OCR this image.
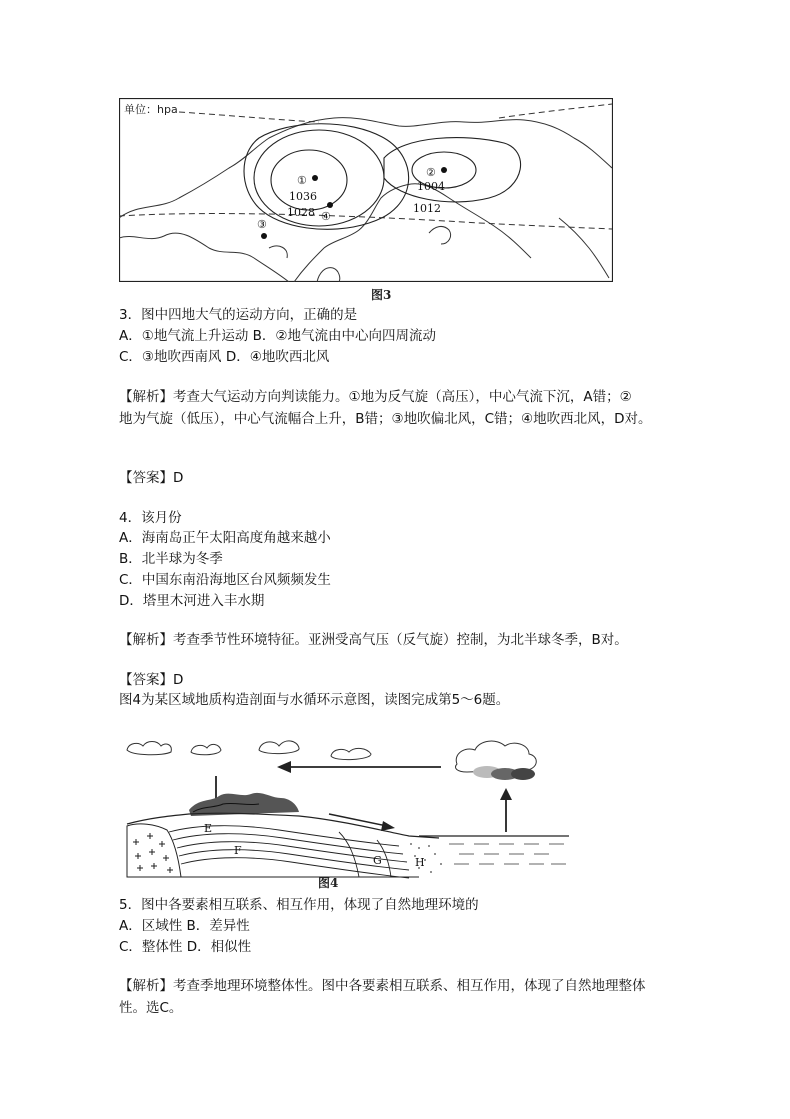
①
②
③
④
1036
1028
1004
1012
单位：hpa
图3
3．图中四地大气的运动方向，正确的是
A．①地气流上升运动 B．②地气流由中心向四周流动
C．③地吹西南风 D．④地吹西北风
【解析】考查大气运动方向判读能力。①地为反气旋（高压），中心气流下沉，A错；②
地为气旋（低压），中心气流幅合上升，B错；③地吹偏北风，C错；④地吹西北风，D对。
【答案】D
4．该月份
A．海南岛正午太阳高度角越来越小
B．北半球为冬季
C．中国东南沿海地区台风频频发生
D．塔里木河进入丰水期
【解析】考查季节性环境特征。亚洲受高气压（反气旋）控制，为北半球冬季，B对。
【答案】D
图4为某区域地质构造剖面与水循环示意图，读图完成第5～6题。
E
F
G	H
图4
5．图中各要素相互联系、相互作用，体现了自然地理环境的
A．区域性 B．差异性
C．整体性 D．相似性
【解析】考查季地理环境整体性。图中各要素相互联系、相互作用，体现了自然地理整体
性。选C。
